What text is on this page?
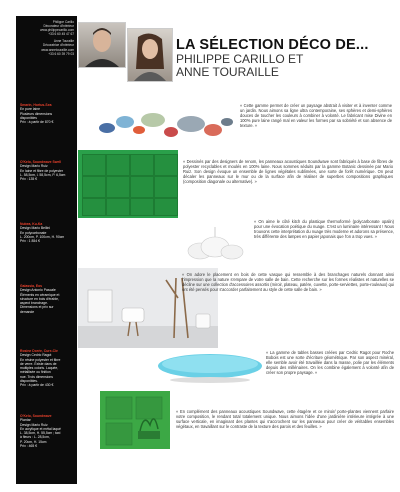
Philippe Carillo
Décorateur d'intérieur
www.philippecarillo.com
+33 6 60 45 47 67
Anne Touraille
Décoratrice d'intérieur
www.annetouraille.com
+33 6 60 39 79 03
Smarin, Hortus-Sea
En pure laine
Plusieurs dimensions
disponibles
Prix : à partir de 870 €
O'Kelo, Soundwave Swell
Design Mario Ruiz
En laine et fibre de polyester
L. 58,5cm, l. 58,5cm, P. 6,5cm
Prix : 135 €
Nubea, Ku-Ka
Design Mario Bellini
En polycarbonate
L. 200cm, P. 100cm, H. 90cm
Prix : 1 854 €
Galassia, Eos
Design Antonio Pascale
Éléments en céramique et
structure en bois d'érable,
aspect branchage.
Dimensions et prix sur
demande
Rosine Dorée, Cure-Cie
Design Cedric Ragot
En résine polyester et fibre
de verre. Existe dans de
multiples coloris. Laquée,
métallisée ou finition
nue. Trois dimensions
disponibles.
Prix : à partir de 430 €
O'Kelo, Soundwave
Plantar
Design Mario Ruiz
En acrylique et métal laqué
L. 38,5cm, H. 55,5cm ; taxi
à fleurs : L. 28,5cm,
P. 20cm, H. 15cm
Prix : 465 €
LA SÉLECTION DÉCO DE...
PHILIPPE CARILLO ET
ANNE TOURAILLE
« Cette gamme permet de créer un paysage abstrait à visiter et à inventer comme un jardin. Nous aimons sa ligne ultra contemporaine, ses sphères et demi-sphères douces de toucher les couleurs à combiner à volonté. Le fabricant mise Divine en 100% pure laine rangé mal en valeur les formes par sa sobriété et son absence de texture. »
« Dessinés par des designers de renom, les panneaux acoustiques Soundwave sont fabriqués à base de fibres de polyester recyclables et moulés en 100% laine. Nous sommes séduits par la gamme Botanic dessinée par Mario Ruiz. Son design évoque un ensemble de lignes végétales sublimées, une sorte de forêt numérique. On peut décaler les panneaux sur le mur ou de la surface afin de réaliser de superbes compositions graphiques (composition diagonale ou alternative). »
« On aime le côté kitch du plastique thermoformé (polycarbonate opalin) pour une évocation poétique du nuage. C'est un luminaire intéressant ! Nous trouvons cette interprétation du nuage très moderne et adorons sa présence, très différente des lampes en papier japonais que l'on a trop vues. »
« On adore le placement en bois de cette vasque qui ressemble à des branchages naturels donnant ainsi l'impression que la nature s'empare de votre salle de bain. Cette recherche sur les formes réalistes et naturelles se décline sur une collection d'accessoires assortis (miroir, plateau, patère, cuvette, porte-serviettes, porte-rouleaux) qui ont été pensés pour s'accorder parfaitement au style de cette salle de bain. »
« La gamme de tables basses créées par Cedric Ragot pour Roche Bobois est une sorte d'écriture géométrique. Par son aspect minéral, elle semble avoir été travaillée dans la masse, polie par les éléments depuis des millénaires. On les combine également à volonté afin de créer son propre paysage. »
« En complément des panneaux acoustiques Soundwave, cette étagère et ce miroir/ porte-plantes viennent parfaire votre composition, le rendant total totalement unique. Nous aimons l'idée d'une jardinière intérieure intégrée à une surface verticale, en imaginant des plantes qui s'accrochent sur les panneaux pour créer de véritables ensembles végétaux, en travaillant sur le contraste de la texture des parois et des feuilles. »
